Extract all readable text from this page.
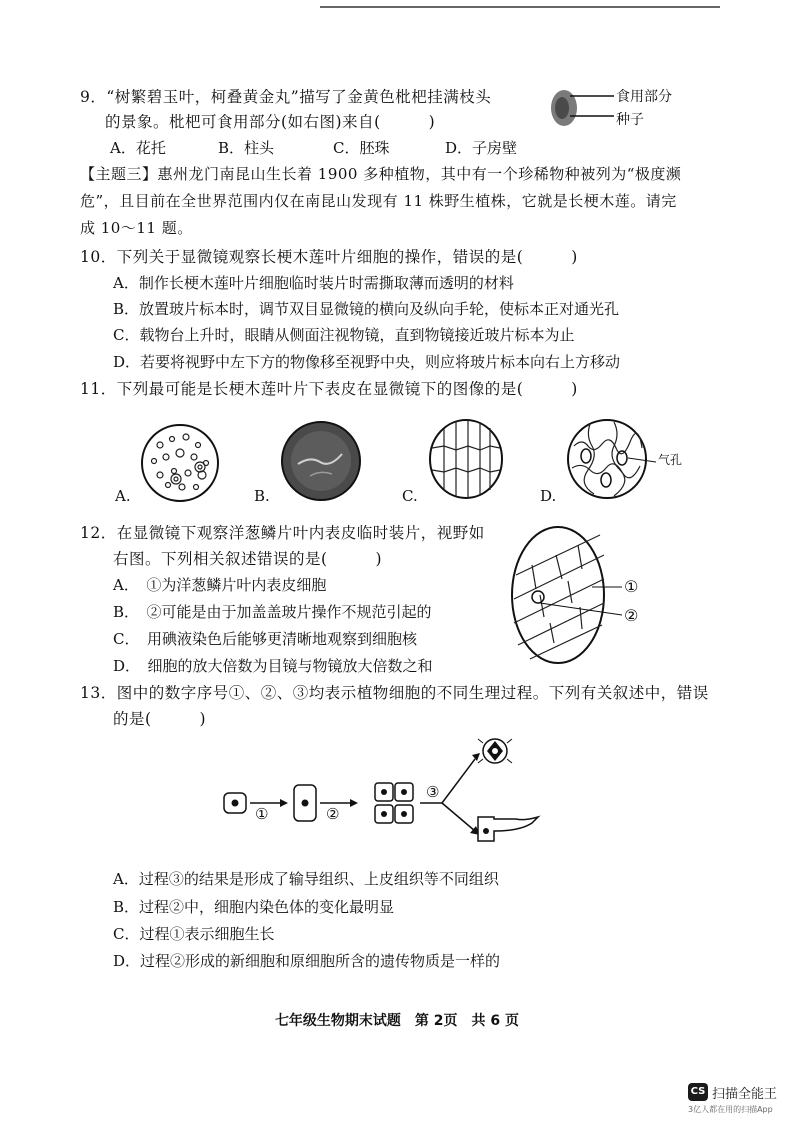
9．“树繁碧玉叶，柯叠黄金丸”描写了金黄色枇杷挂满枝头
的景象。枇杷可食用部分(如右图)来自(　　　)
A．花托	B．柱头	C．胚珠	D．子房壁
食用部分
种子
【主题三】惠州龙门南昆山生长着 1900 多种植物，其中有一个珍稀物种被列为“极度濒
危”，且目前在全世界范围内仅在南昆山发现有 11 株野生植株，它就是长梗木莲。请完
成 10～11 题。
10．下列关于显微镜观察长梗木莲叶片细胞的操作，错误的是(　　　)
A．制作长梗木莲叶片细胞临时装片时需撕取薄而透明的材料
B．放置玻片标本时，调节双目显微镜的横向及纵向手轮，使标本正对通光孔
C．载物台上升时，眼睛从侧面注视物镜，直到物镜接近玻片标本为止
D．若要将视野中左下方的物像移至视野中央，则应将玻片标本向右上方移动
11．下列最可能是长梗木莲叶片下表皮在显微镜下的图像的是(　　　)
A.	B.	C.	D.
气孔
12．在显微镜下观察洋葱鳞片叶内表皮临时装片，视野如
右图。下列相关叙述错误的是(　　　)
A．　①为洋葱鳞片叶内表皮细胞
B．　②可能是由于加盖盖玻片操作不规范引起的
C．　用碘液染色后能够更清晰地观察到细胞核
D．　细胞的放大倍数为目镜与物镜放大倍数之和
①
②
13．图中的数字序号①、②、③均表示植物细胞的不同生理过程。下列有关叙述中，错误
的是(　　　)
①	②
③
A．过程③的结果是形成了输导组织、上皮组织等不同组织
B．过程②中，细胞内染色体的变化最明显
C．过程①表示细胞生长
D．过程②形成的新细胞和原细胞所含的遗传物质是一样的
七年级生物期末试题　第 2页　共 6 页
CS 扫描全能王
3亿人都在用的扫描App
